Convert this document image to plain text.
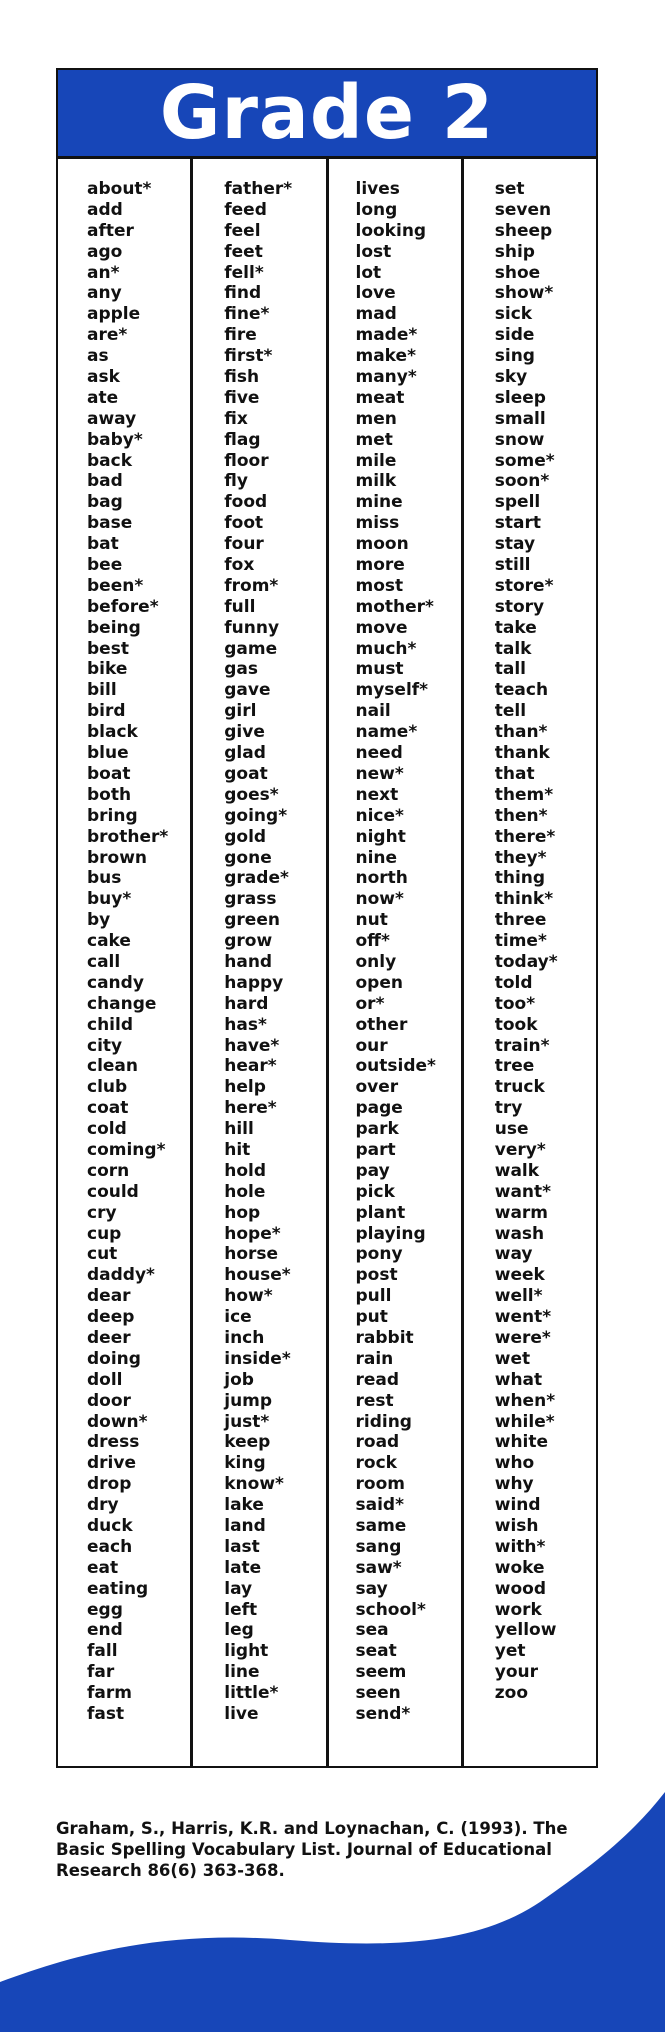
Grade 2
about*
add
after
ago
an*
any
apple
are*
as
ask
ate
away
baby*
back
bad
bag
base
bat
bee
been*
before*
being
best
bike
bill
bird
black
blue
boat
both
bring
brother*
brown
bus
buy*
by
cake
call
candy
change
child
city
clean
club
coat
cold
coming*
corn
could
cry
cup
cut
daddy*
dear
deep
deer
doing
doll
door
down*
dress
drive
drop
dry
duck
each
eat
eating
egg
end
fall
far
farm
fast
father*
feed
feel
feet
fell*
find
fine*
fire
first*
fish
five
fix
flag
floor
fly
food
foot
four
fox
from*
full
funny
game
gas
gave
girl
give
glad
goat
goes*
going*
gold
gone
grade*
grass
green
grow
hand
happy
hard
has*
have*
hear*
help
here*
hill
hit
hold
hole
hop
hope*
horse
house*
how*
ice
inch
inside*
job
jump
just*
keep
king
know*
lake
land
last
late
lay
left
leg
light
line
little*
live
lives
long
looking
lost
lot
love
mad
made*
make*
many*
meat
men
met
mile
milk
mine
miss
moon
more
most
mother*
move
much*
must
myself*
nail
name*
need
new*
next
nice*
night
nine
north
now*
nut
off*
only
open
or*
other
our
outside*
over
page
park
part
pay
pick
plant
playing
pony
post
pull
put
rabbit
rain
read
rest
riding
road
rock
room
said*
same
sang
saw*
say
school*
sea
seat
seem
seen
send*
set
seven
sheep
ship
shoe
show*
sick
side
sing
sky
sleep
small
snow
some*
soon*
spell
start
stay
still
store*
story
take
talk
tall
teach
tell
than*
thank
that
them*
then*
there*
they*
thing
think*
three
time*
today*
told
too*
took
train*
tree
truck
try
use
very*
walk
want*
warm
wash
way
week
well*
went*
were*
wet
what
when*
while*
white
who
why
wind
wish
with*
woke
wood
work
yellow
yet
your
zoo
Graham, S., Harris, K.R. and Loynachan, C. (1993). The Basic Spelling Vocabulary List. Journal of Educational Research 86(6) 363-368.
